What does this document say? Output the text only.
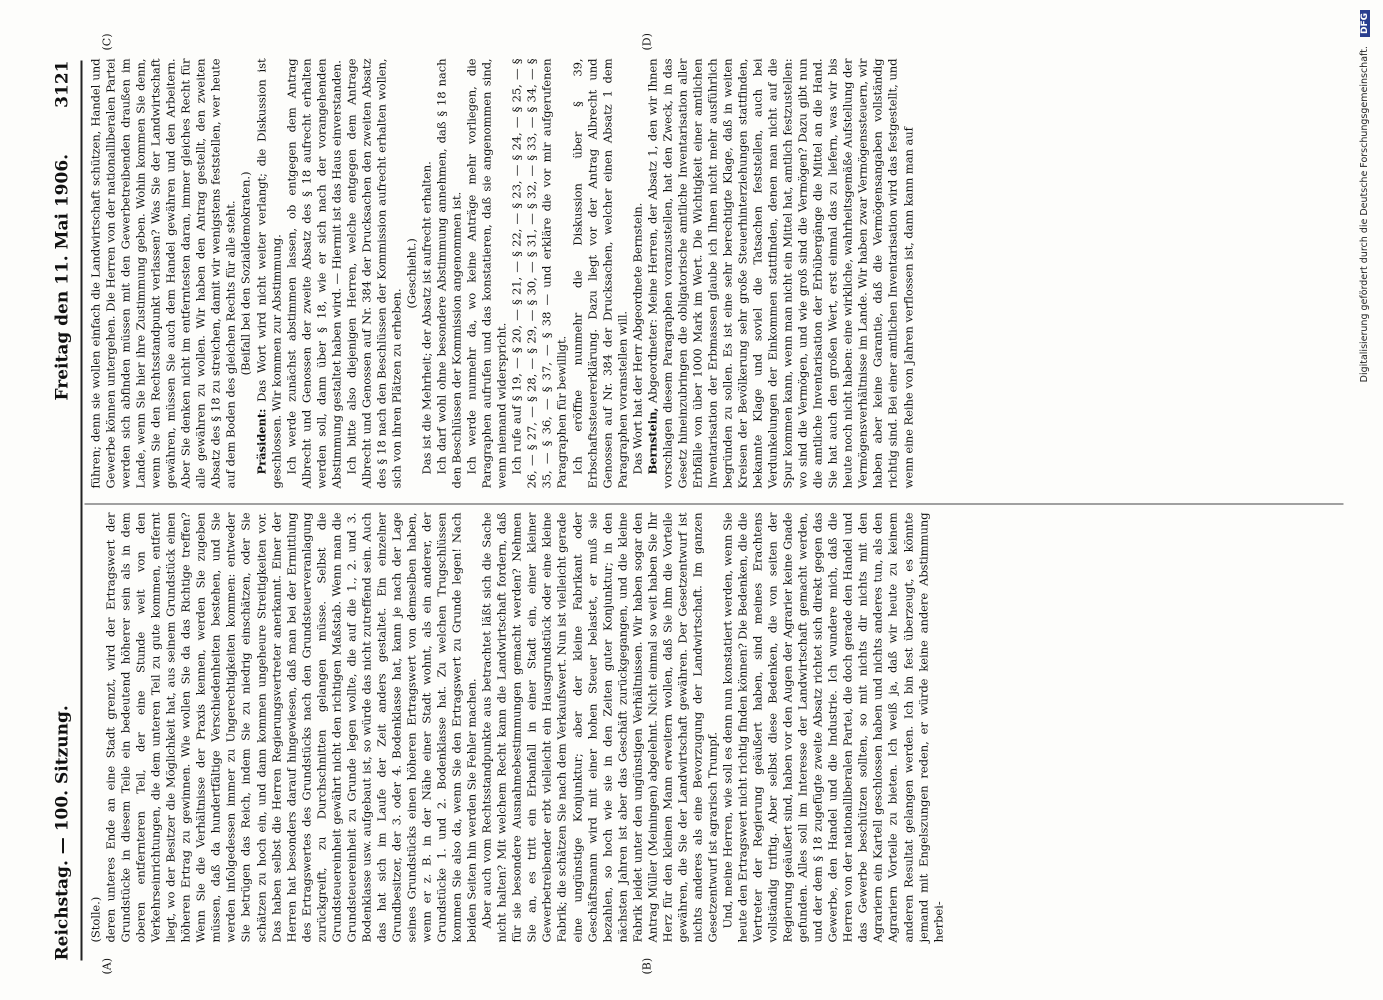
Reichstag. — 100. Sitzung.
Freitag den 11. Mai 1906.
3121
(A)	(B)
(C)	(D)

(Stolle.) deren unteres Ende an eine Stadt grenzt, wird der Ertragswert der Grundstücke in diesem Teile ein bedeutend höherer sein als in dem oberen entfernteren Teil, der eine Stunde weit von den Verkehrseinrichtungen, die dem unteren Teil zu gute kommen, entfernt liegt, wo der Besitzer die Möglichkeit hat, aus seinem Grundstück einen höheren Ertrag zu gewinnen. Wie wollen Sie da das Richtige treffen? Wenn Sie die Verhältnisse der Praxis kennen, werden Sie zugeben müssen, daß da hundertfältige Verschiedenheiten bestehen, und Sie werden infolgedessen immer zu Ungerechtigkeiten kommen: entweder Sie betrügen das Reich, indem Sie zu niedrig einschätzen, oder Sie schätzen zu hoch ein, und dann kommen ungeheure Streitigkeiten vor. Das haben selbst die Herren Regierungsvertreter anerkannt. Einer der Herren hat besonders darauf hingewiesen, daß man bei der Ermittlung des Ertragswertes des Grundstücks nach den Grundsteuerveranlagung zurückgreift, zu Durchschnitten gelangen müsse. Selbst die Grundsteuereinheit gewährt nicht den richtigen Maßstab. Wenn man die Grundsteuereinheit zu Grunde legen wollte, die auf die 1., 2. und 3. Bodenklasse usw. aufgebaut ist, so würde das nicht zutreffend sein. Auch das hat sich im Laufe der Zeit anders gestaltet. Ein einzelner Grundbesitzer, der 3. oder 4. Bodenklasse hat, kann je nach der Lage seines Grundstücks einen höheren Ertragswert von demselben haben, wenn er z. B. in der Nähe einer Stadt wohnt, als ein anderer, der Grundstücke 1. und 2. Bodenklasse hat. Zu welchen Trugschlüssen kommen Sie also da, wenn Sie den Ertragswert zu Grunde legen! Nach beiden Seiten hin werden Sie Fehler machen. Aber auch vom Rechtsstandpunkte aus betrachtet läßt sich die Sache nicht halten? Mit welchem Recht kann die Landwirtschaft fordern, daß für sie besondere Ausnahmebestimmungen gemacht werden? Nehmen Sie an, es tritt ein Erbanfall in einer Stadt ein, einer kleiner Gewerbetreibender erbt vielleicht ein Hausgrundstück oder eine kleine Fabrik; die schätzen Sie nach dem Verkaufswert. Nun ist vielleicht gerade eine ungünstige Konjunktur; aber der kleine Fabrikant oder Geschäftsmann wird mit einer hohen Steuer belastet, er muß sie bezahlen, so hoch wie sie in den Zeiten guter Konjunktur; in den nächsten Jahren ist aber das Geschäft zurückgegangen, und die kleine Fabrik leidet unter den ungünstigen Verhältnissen. Wir haben sogar den Antrag Müller (Meiningen) abgelehnt. Nicht einmal so weit haben Sie Ihr Herz für den kleinen Mann erweitern wollen, daß Sie ihm die Vorteile gewähren, die Sie der Landwirtschaft gewähren. Der Gesetzentwurf ist nichts anderes als eine Bevorzugung der Landwirtschaft. Im ganzen Gesetzentwurf ist agrarisch Trumpf. Und, meine Herren, wie soll es denn nun konstatiert werden, wenn Sie heute den Ertragswert nicht richtig finden können? Die Bedenken, die die Vertreter der Regierung geäußert haben, sind meines Erachtens vollständig triftig. Aber selbst diese Bedenken, die von seiten der Regierung geäußert sind, haben vor den Augen der Agrarier keine Gnade gefunden. Alles soll im Interesse der Landwirtschaft gemacht werden, und der dem § 18 zugefügte zweite Absatz richtet sich direkt gegen das Gewerbe, den Handel und die Industrie. Ich wundere mich, daß die Herren von der nationalliberalen Partei, die doch gerade den Handel und das Gewerbe beschützen sollten, so mit nichts dir nichts mit den Agrariern ein Kartell geschlossen haben und nichts anderes tun, als den Agrariern Vorteile zu bieten. Ich weiß ja, daß wir heute zu keinem anderen Resultat gelangen werden. Ich bin fest überzeugt, es könnte jemand mit Engelszungen reden, er würde keine andere Abstimmung herbei-

führen; denn sie wollen einfach die Landwirtschaft schützen, Handel und Gewerbe können untergehen. Die Herren von der nationalliberalen Partei werden sich abfinden müssen mit den Gewerbetreibenden draußen im Lande, wenn Sie hier ihre Zustimmung geben. Wohin kommen Sie denn, wenn Sie den Rechtsstandpunkt verlassen? Was Sie der Landwirtschaft gewähren, müssen Sie auch dem Handel gewähren und den Arbeitern. Aber Sie denken nicht im entferntesten daran, immer gleiches Recht für alle gewähren zu wollen. Wir haben den Antrag gestellt, den zweiten Absatz des § 18 zu streichen, damit wir wenigstens feststellen, wer heute auf dem Boden des gleichen Rechts für alle steht. (Beifall bei den Sozialdemokraten.)

Präsident: Das Wort wird nicht weiter verlangt; die Diskussion ist geschlossen. Wir kommen zur Abstimmung. Ich werde zunächst abstimmen lassen, ob entgegen dem Antrag Albrecht und Genossen der zweite Absatz des § 18 aufrecht erhalten werden soll, dann über § 18, wie er sich nach der vorangehenden Abstimmung gestaltet haben wird. — Hiermit ist das Haus einverstanden. Ich bitte also diejenigen Herren, welche entgegen dem Antrage Albrecht und Genossen auf Nr. 384 der Drucksachen den zweiten Absatz des § 18 nach den Beschlüssen der Kommission aufrecht erhalten wollen, sich von ihren Plätzen zu erheben.

(Geschieht.) Das ist die Mehrheit; der Absatz ist aufrecht erhalten. Ich darf wohl ohne besondere Abstimmung annehmen, daß § 18 nach den Beschlüssen der Kommission angenommen ist. Ich werde nunmehr da, wo keine Anträge mehr vorliegen, die Paragraphen aufrufen und das konstatieren, daß sie angenommen sind, wenn niemand widerspricht. Ich rufe auf § 19, — § 20, — § 21, — § 22, — § 23, — § 24, — § 25, — § 26, — § 27, — § 28, — § 29, — § 30, — § 31, — § 32, — § 33, — § 34, — § 35, — § 36, — § 37, — § 38 — und erkläre die vor mir aufgerufenen Paragraphen für bewilligt. Ich eröffne nunmehr die Diskussion über § 39, Erbschaftssteuererklärung. Dazu liegt vor der Antrag Albrecht und Genossen auf Nr. 384 der Drucksachen, welcher einen Absatz 1 dem Paragraphen voranstellen will. Das Wort hat der Herr Abgeordnete Bernstein. Bernstein, Abgeordneter: Meine Herren, der Absatz 1, den wir Ihnen vorschlagen diesem Paragraphen voranzustellen, hat den Zweck, in das Gesetz hineinzubringen die obligatorische amtliche Inventarisation aller Erbfälle von über 1000 Mark im Wert. Die Wichtigkeit einer amtlichen Inventarisation der Erbmassen glaube ich Ihnen nicht mehr ausführlich begründen zu sollen. Es ist eine sehr berechtigte Klage, daß in weiten Kreisen der Bevölkerung sehr große Steuerhinterziehungen stattfinden, bekannte Klage und soviel die Tatsachen feststellen, auch bei Verdunkelungen der Einkommen stattfinden, denen man nicht auf die Spur kommen kann, wenn man nicht ein Mittel hat, amtlich festzustellen: wo sind die Vermögen, und wie groß sind die Vermögen? Dazu gibt nun die amtliche Inventarisation der Erbübergänge die Mittel an die Hand. Sie hat auch den großen Wert, erst einmal das zu liefern, was wir bis heute noch nicht haben: eine wirkliche, wahrheitsgemäße Aufstellung der Vermögensverhältnisse im Lande. Wir haben zwar Vermögenssteuern, wir haben aber keine Garantie, daß die Vermögensangaben vollständig richtig sind. Bei einer amtlichen Inventarisation wird das festgestellt, und wenn eine Reihe von Jahren verflossen ist, dann kann man auf	Digitalisierung gefördert durch die Deutsche Forschungsgemeinschaft. DFG
